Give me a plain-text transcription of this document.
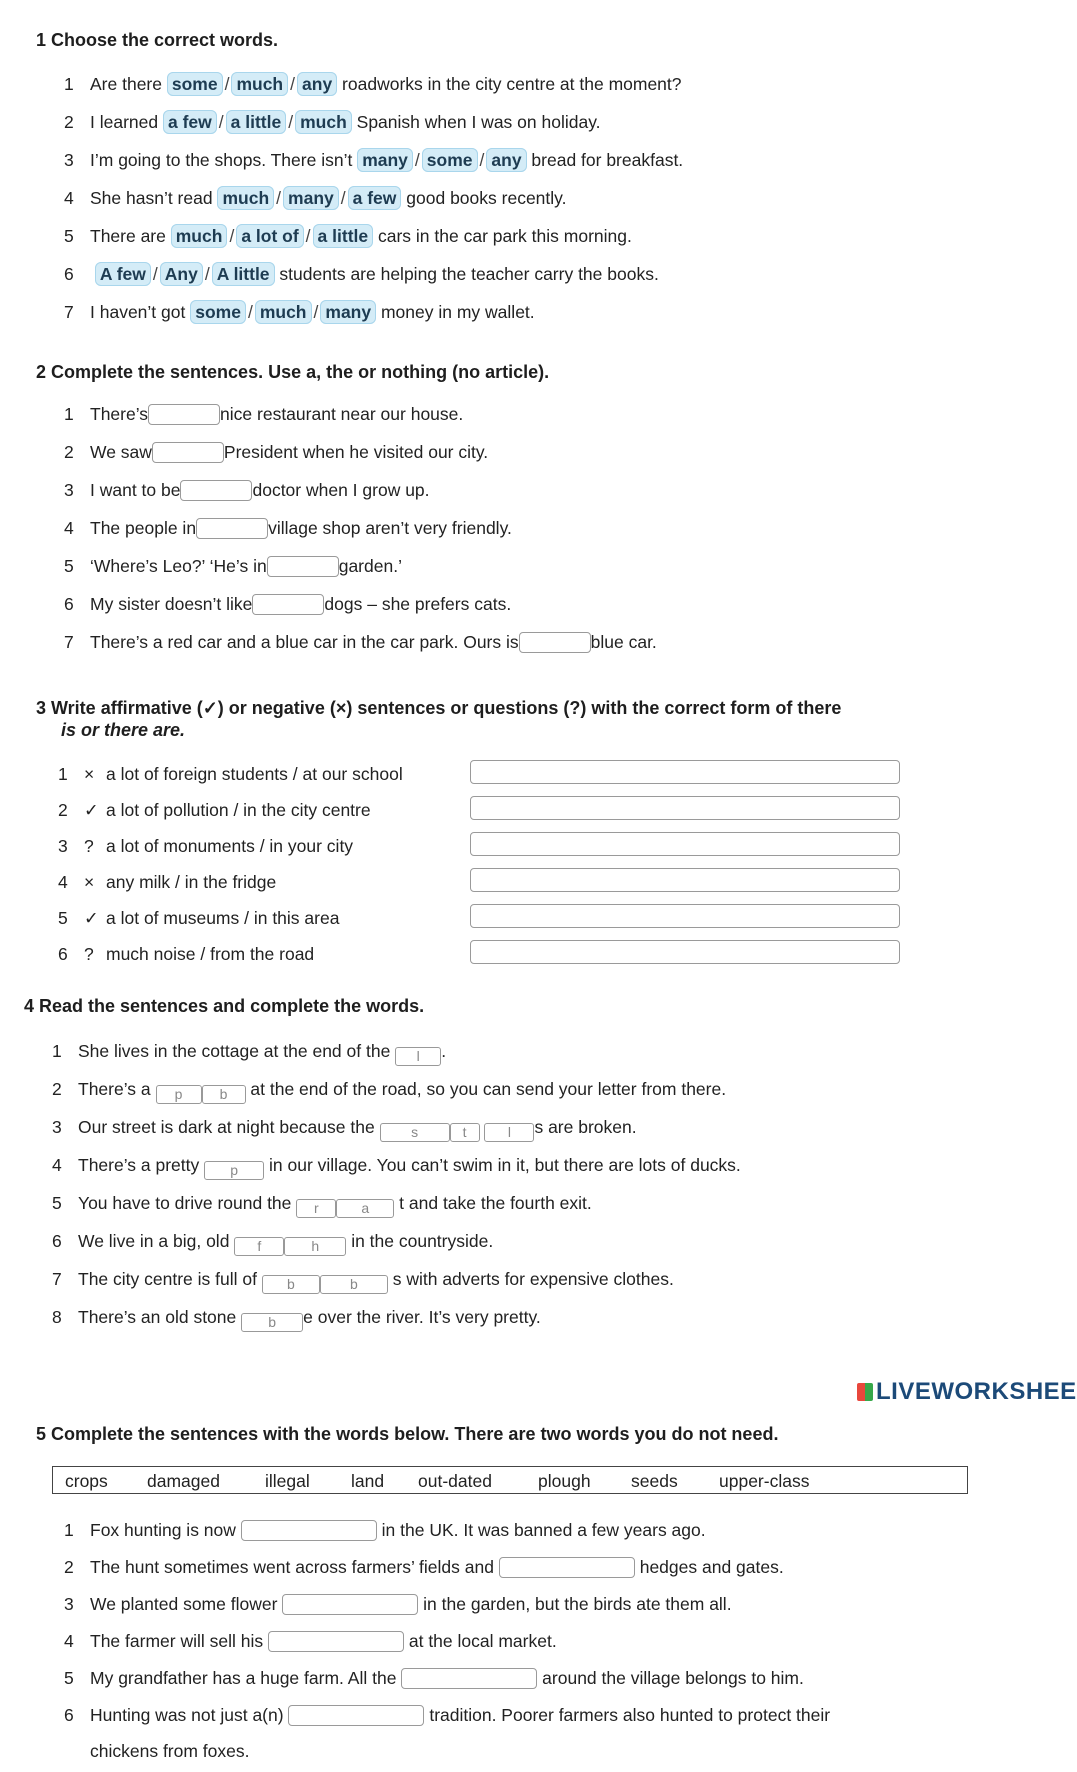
1 Choose the correct words.
1 Are there some / much / any roadworks in the city centre at the moment?
2 I learned a few / a little / much Spanish when I was on holiday.
3 I’m going to the shops. There isn’t many / some / any bread for breakfast.
4 She hasn’t read much / many / a few good books recently.
5 There are much / a lot of / a little cars in the car park this morning.
6 A few / Any / A little students are helping the teacher carry the books.
7 I haven’t got some / much / many money in my wallet.
2 Complete the sentences. Use a, the or nothing (no article).
1 There’s	nice restaurant near our house.
2 We saw	President when he visited our city.
3 I want to be	doctor when I grow up.
4 The people in	village shop aren’t very friendly.
5 ‘Where’s Leo?’ ‘He’s in	garden.’
6 My sister doesn’t like	dogs – she prefers cats.
7 There’s a red car and a blue car in the car park. Ours is	blue car.
3 Write affirmative (✓) or negative (×) sentences or questions (?) with the correct form of there
is or there are.
1 × a lot of foreign students / at our school
2 ✓ a lot of pollution / in the city centre
3 ? a lot of monuments / in your city
4 × any milk / in the fridge
5 ✓ a lot of museums / in this area
6 ? much noise / from the road
4 Read the sentences and complete the words.
1 She lives in the cottage at the end of the l .
2 There’s a p	b at the end of the road, so you can send your letter from there.
3 Our street is dark at night because the	s	t	l s are broken.
4 There’s a pretty p in our village. You can’t swim in it, but there are lots of ducks.
5 You have to drive round the r	a t and take the fourth exit.
6 We live in a big, old f	h in the countryside.
7 The city centre is full of b	b s with adverts for expensive clothes.
8 There’s an old stone b e over the river. It’s very pretty.
LIVEWORKSHEE
5 Complete the sentences with the words below. There are two words you do not need.
crops damaged	illegal land out-dated	plough seeds upper-class
1 Fox hunting is now	in the UK. It was banned a few years ago.
2 The hunt sometimes went across farmers’ fields and	hedges and gates.
3 We planted some flower	in the garden, but the birds ate them all.
4 The farmer will sell his	at the local market.
5 My grandfather has a huge farm. All the	around the village belongs to him.
6 Hunting was not just a(n)	tradition. Poorer farmers also hunted to protect their
chickens from foxes.
